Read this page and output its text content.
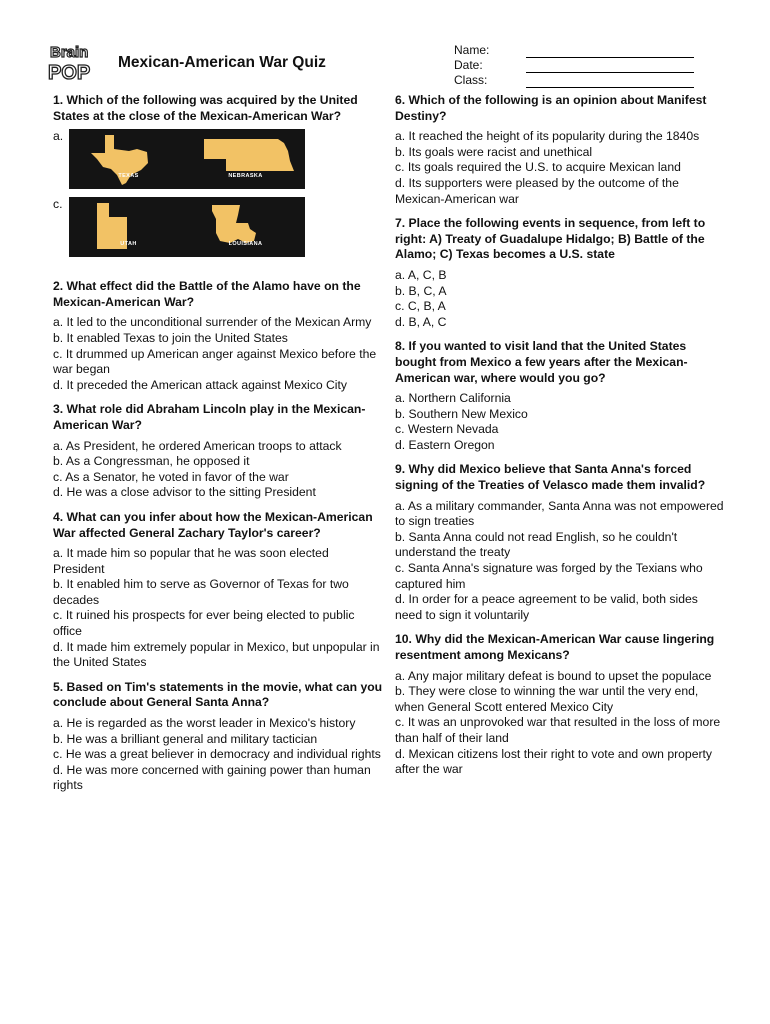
Brain
POP Mexican-American War Quiz
Name:
Date:
Class:
1. Which of the following was acquired by the United States at the close of the Mexican-American War?
a.
c.
TEXAS	NEBRASKA
UTAH	LOUISIANA
2. What effect did the Battle of the Alamo have on the Mexican-American War?
a. It led to the unconditional surrender of the Mexican Army
b. It enabled Texas to join the United States
c. It drummed up American anger against Mexico before the war began
d. It preceded the American attack against Mexico City
3. What role did Abraham Lincoln play in the Mexican-American War?
a. As President, he ordered American troops to attack
b. As a Congressman, he opposed it
c. As a Senator, he voted in favor of the war
d. He was a close advisor to the sitting President
4. What can you infer about how the Mexican-American War affected General Zachary Taylor's career?
a. It made him so popular that he was soon elected President
b. It enabled him to serve as Governor of Texas for two decades
c. It ruined his prospects for ever being elected to public office
d. It made him extremely popular in Mexico, but unpopular in the United States
5. Based on Tim's statements in the movie, what can you conclude about General Santa Anna?
a. He is regarded as the worst leader in Mexico's history
b. He was a brilliant general and military tactician
c. He was a great believer in democracy and individual rights
d. He was more concerned with gaining power than human rights
6. Which of the following is an opinion about Manifest Destiny?
a. It reached the height of its popularity during the 1840s
b. Its goals were racist and unethical
c. Its goals required the U.S. to acquire Mexican land
d. Its supporters were pleased by the outcome of the Mexican-American war
7. Place the following events in sequence, from left to right: A) Treaty of Guadalupe Hidalgo; B) Battle of the Alamo; C) Texas becomes a U.S. state
a. A, C, B
b. B, C, A
c. C, B, A
d. B, A, C
8. If you wanted to visit land that the United States bought from Mexico a few years after the Mexican-American war, where would you go?
a. Northern California
b. Southern New Mexico
c. Western Nevada
d. Eastern Oregon
9. Why did Mexico believe that Santa Anna's forced signing of the Treaties of Velasco made them invalid?
a. As a military commander, Santa Anna was not empowered to sign treaties
b. Santa Anna could not read English, so he couldn't understand the treaty
c. Santa Anna's signature was forged by the Texians who captured him
d. In order for a peace agreement to be valid, both sides need to sign it voluntarily
10. Why did the Mexican-American War cause lingering resentment among Mexicans?
a. Any major military defeat is bound to upset the populace
b. They were close to winning the war until the very end, when General Scott entered Mexico City
c. It was an unprovoked war that resulted in the loss of more than half of their land
d. Mexican citizens lost their right to vote and own property after the war
